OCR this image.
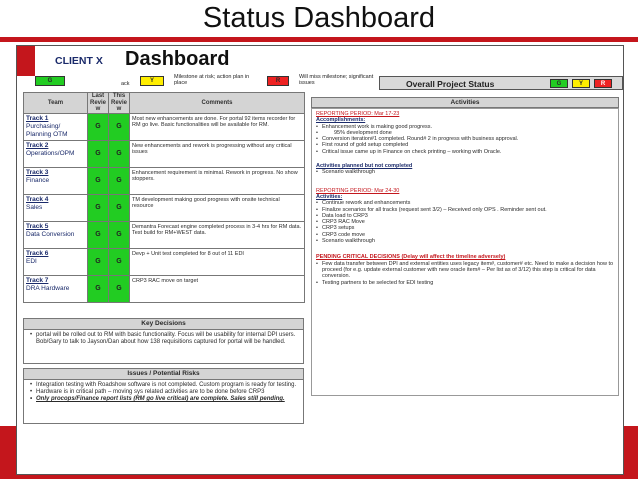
Status Dashboard
CLIENT X Dashboard
G	ack	Y
Milestone at risk; action plan in place	R
Will miss milestone; significant issues	Overall Project Status	G	Y	R
Team	Last Revie w	This Revie w	Comments

Track 1
Purchasing/ Planning OTM	G	G	Most new enhancements are done. For portal 92 items recorder for RM go live. Basic functionalities will be available for RM.

Track 2
Operations/OPM	G	G	New enhancements and rework is progressing without any critical issues

Track 3
Finance	G	G	Enhancement requirement is minimal. Rework in progress. No show stoppers.

Track 4
Sales	G	G	TM development making good progress with onsite technical resource

Track 5
Data Conversion	G	G	Demantra Forecast engine completed process in 3-4 hrs for RM data. Test build for RM+WEST data.

Track 6
EDI	G	G	Devp + Unit test completed for 8 out of 11 EDI

Track 7
DRA Hardware	G	G	CRP3 RAC move on target
Key Decisions
• portal will be rolled out to RM with basic functionality. Focus will be usability for internal DPI users. Bob/Gary to talk to Jayson/Dan about how 138 requisitions captured for portal will be handled.
Issues / Potential Risks
• Integration testing with Roadshow software is not completed. Custom program is ready for testing.
• Hardware is in critical path – moving sys related activities are to be done before CRP3
• Only procops/Finance report lists (RM go live critical) are complete. Sales still pending.
Activities
REPORTING PERIOD: Mar 17-23
Accomplishments:
• Enhancement work is making good progress.
• 95% development done
• Conversion iteration#1 completed. Round# 2 in progress with business approval.
• First round of gold setup completed
• Critical issue came up in Finance on check printing – working with Oracle.
Activities planned but not completed
• Scenario walkthrough
REPORTING PERIOD: Mar 24-30
Activities:
• Continue rework and enhancements
• Finalize scenarios for all tracks (request sent 3/2) – Received only OPS . Reminder sent out.
• Data load to CRP3
• CRP3 RAC Move
• CRP3 setups
• CRP3 code move
• Scenario walkthrough
PENDING CRITICAL DECISIONS (Delay will affect the timeline adversely)
• Few data transfer between DPI and external entities uses legacy item#, customer# etc. Need to make a decision how to proceed (for e.g. update external customer with new oracle item# – Per list as of 3/12) this step is critical for data conversion.
• Testing partners to be selected for EDI testing
